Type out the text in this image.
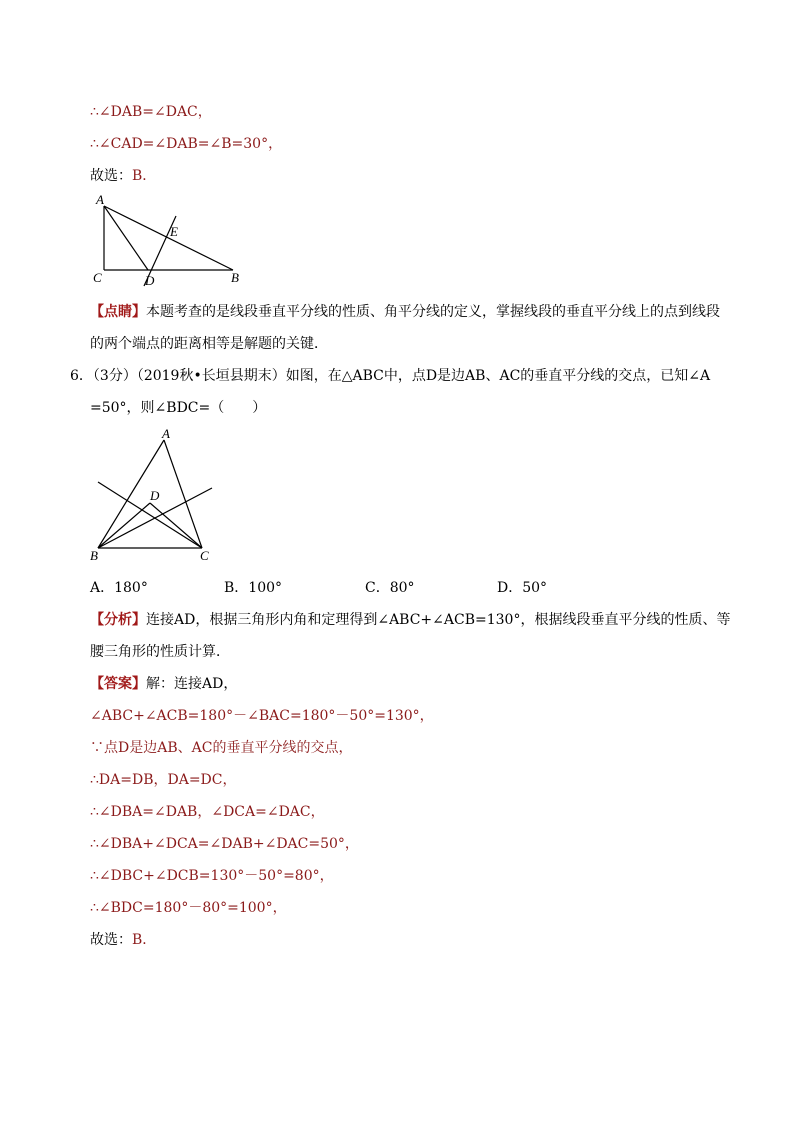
∴∠DAB=∠DAC，
∴∠CAD=∠DAB=∠B=30°，
故选：B．
A
E
C	D	B
【点睛】本题考查的是线段垂直平分线的性质、角平分线的定义，掌握线段的垂直平分线上的点到线段
的两个端点的距离相等是解题的关键．
6．（3分）（2019秋•长垣县期末）如图，在△ABC中，点D是边AB、AC的垂直平分线的交点，已知∠A
=50°，则∠BDC=（　　）
A
D
B	C
A．180°	B．100°	C．80°	D．50°
【分析】连接AD，根据三角形内角和定理得到∠ABC+∠ACB=130°，根据线段垂直平分线的性质、等
腰三角形的性质计算．
【答案】解：连接AD，
∠ABC+∠ACB=180°－∠BAC=180°－50°=130°，
∵点D是边AB、AC的垂直平分线的交点，
∴DA=DB，DA=DC，
∴∠DBA=∠DAB，∠DCA=∠DAC，
∴∠DBA+∠DCA=∠DAB+∠DAC=50°，
∴∠DBC+∠DCB=130°－50°=80°，
∴∠BDC=180°－80°=100°，
故选：B．
